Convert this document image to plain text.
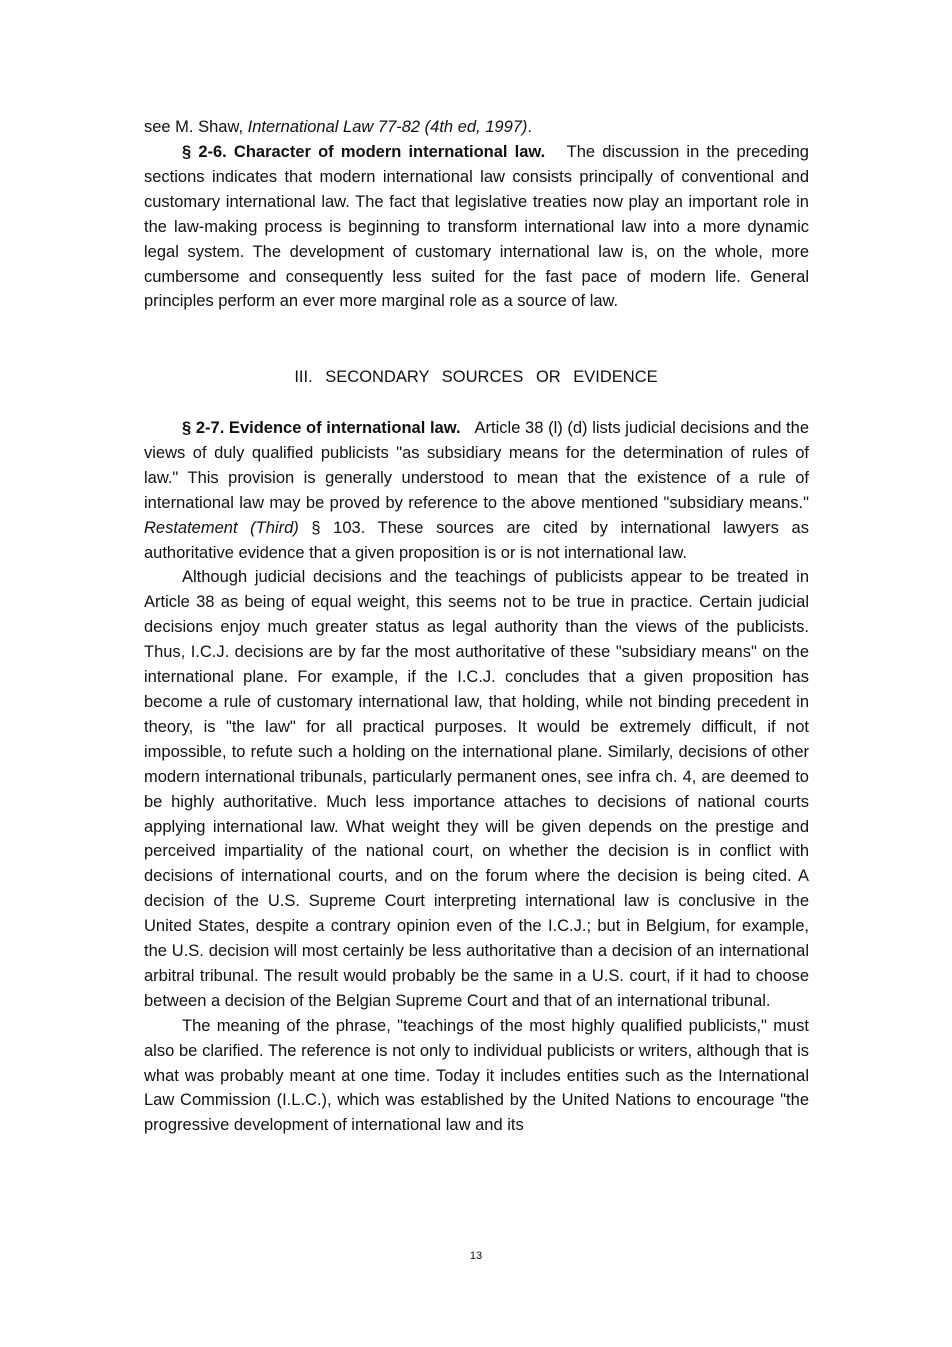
see M. Shaw, International Law 77-82 (4th ed, 1997).

§ 2-6. Character of modern international law. The discussion in the preceding sections indicates that modern international law consists principally of conventional and customary international law. The fact that legislative treaties now play an important role in the law-making process is beginning to transform international law into a more dynamic legal system. The development of customary international law is, on the whole, more cumbersome and consequently less suited for the fast pace of modern life. General principles perform an ever more marginal role as a source of law.

III. SECONDARY SOURCES OR EVIDENCE

§ 2-7. Evidence of international law. Article 38 (l) (d) lists judicial decisions and the views of duly qualified publicists "as subsidiary means for the determination of rules of law." This provision is generally understood to mean that the existence of a rule of international law may be proved by reference to the above mentioned "subsidiary means." Restatement (Third) § 103. These sources are cited by international lawyers as authoritative evidence that a given proposition is or is not international law.

Although judicial decisions and the teachings of publicists appear to be treated in Article 38 as being of equal weight, this seems not to be true in practice. Certain judicial decisions enjoy much greater status as legal authority than the views of the publicists. Thus, I.C.J. decisions are by far the most authoritative of these "subsidiary means" on the international plane. For example, if the I.C.J. concludes that a given proposition has become a rule of customary international law, that holding, while not binding precedent in theory, is "the law" for all practical purposes. It would be extremely difficult, if not impossible, to refute such a holding on the international plane. Similarly, decisions of other modern international tribunals, particularly permanent ones, see infra ch. 4, are deemed to be highly authoritative. Much less importance attaches to decisions of national courts applying international law. What weight they will be given depends on the prestige and perceived impartiality of the national court, on whether the decision is in conflict with decisions of international courts, and on the forum where the decision is being cited. A decision of the U.S. Supreme Court interpreting international law is conclusive in the United States, despite a contrary opinion even of the I.C.J.; but in Belgium, for example, the U.S. decision will most certainly be less authoritative than a decision of an international arbitral tribunal. The result would probably be the same in a U.S. court, if it had to choose between a decision of the Belgian Supreme Court and that of an international tribunal.

The meaning of the phrase, "teachings of the most highly qualified publicists," must also be clarified. The reference is not only to individual publicists or writers, although that is what was probably meant at one time. Today it includes entities such as the International Law Commission (I.L.C.), which was established by the United Nations to encourage "the progressive development of international law and its

13
